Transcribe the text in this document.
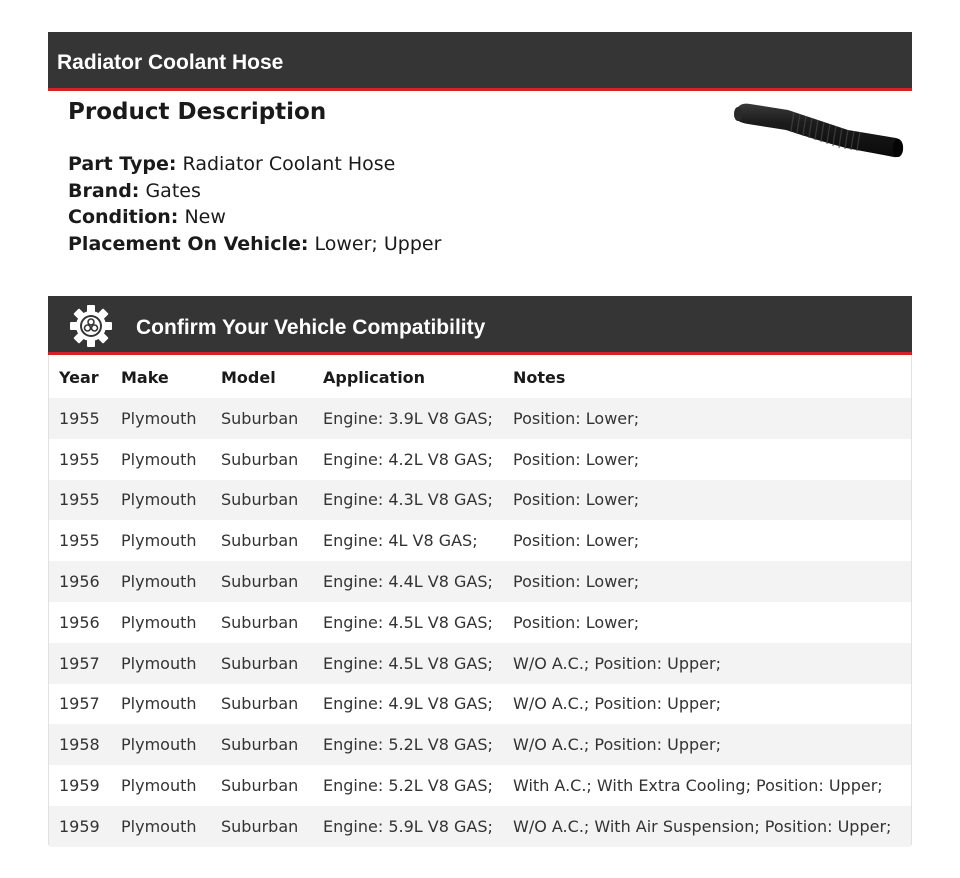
Radiator Coolant Hose
Product Description
Part Type: Radiator Coolant Hose
Brand: Gates
Condition: New
Placement On Vehicle: Lower; Upper
Confirm Your Vehicle Compatibility
Year	Make	Model	Application	Notes
1955	Plymouth	Suburban	Engine: 3.9L V8 GAS;	Position: Lower;
1955	Plymouth	Suburban	Engine: 4.2L V8 GAS;	Position: Lower;
1955	Plymouth	Suburban	Engine: 4.3L V8 GAS;	Position: Lower;
1955	Plymouth	Suburban	Engine: 4L V8 GAS;	Position: Lower;
1956	Plymouth	Suburban	Engine: 4.4L V8 GAS;	Position: Lower;
1956	Plymouth	Suburban	Engine: 4.5L V8 GAS;	Position: Lower;
1957	Plymouth	Suburban	Engine: 4.5L V8 GAS;	W/O A.C.; Position: Upper;
1957	Plymouth	Suburban	Engine: 4.9L V8 GAS;	W/O A.C.; Position: Upper;
1958	Plymouth	Suburban	Engine: 5.2L V8 GAS;	W/O A.C.; Position: Upper;
1959	Plymouth	Suburban	Engine: 5.2L V8 GAS;	With A.C.; With Extra Cooling; Position: Upper;
1959	Plymouth	Suburban	Engine: 5.9L V8 GAS;	W/O A.C.; With Air Suspension; Position: Upper;
